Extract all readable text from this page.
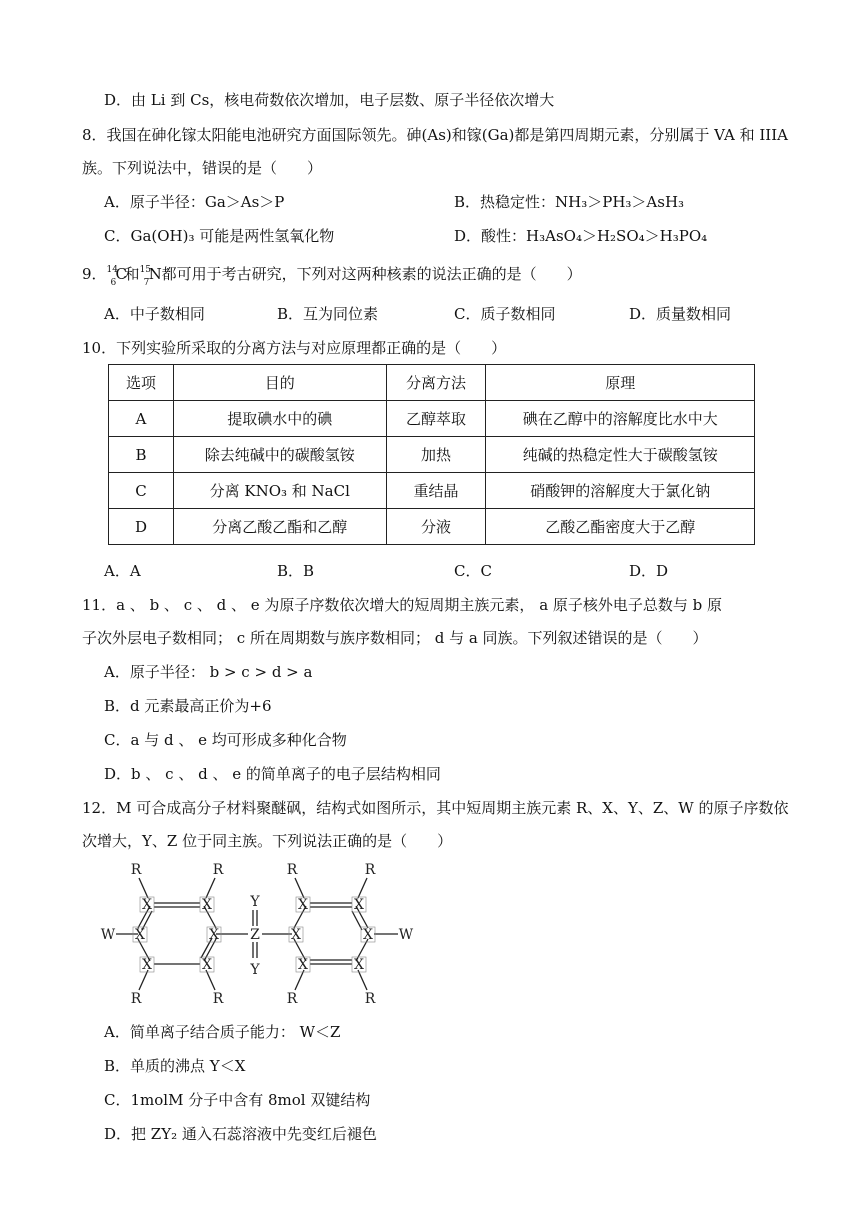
D．由 Li 到 Cs，核电荷数依次增加，电子层数、原子半径依次增大
8．我国在砷化镓太阳能电池研究方面国际领先。砷(As)和镓(Ga)都是第四周期元素，分别属于 VA 和 IIIA
族。下列说法中，错误的是（　　）
A．原子半径：Ga＞As＞P	B．热稳定性：NH₃＞PH₃＞AsH₃
C．Ga(OH)₃ 可能是两性氢氧化物	D．酸性：H₃AsO₄＞H₂SO₄＞H₃PO₄
9． 14
6 C
和 15
7 N 都可用于考古研究，下列对这两种核素的说法正确的是（　　）
A．中子数相同	B．互为同位素	C．质子数相同	D．质量数相同
10．下列实验所采取的分离方法与对应原理都正确的是（　　）
选项	目的	分离方法	原理
A	提取碘水中的碘	乙醇萃取	碘在乙醇中的溶解度比水中大
B	除去纯碱中的碳酸氢铵	加热	纯碱的热稳定性大于碳酸氢铵
C	分离 KNO₃ 和 NaCl	重结晶	硝酸钾的溶解度大于氯化钠
D	分离乙酸乙酯和乙醇	分液	乙酸乙酯密度大于乙醇
A．A	B．B	C．C	D．D
11．a 、 b 、 c 、 d 、 e 为原子序数依次增大的短周期主族元素， a 原子核外电子总数与 b 原
子次外层电子数相同； c 所在周期数与族序数相同； d 与 a 同族。下列叙述错误的是（　　）
A．原子半径： b > c > d > a
B．d 元素最高正价为+6
C．a 与 d 、 e 均可形成多种化合物
D．b 、 c 、 d 、 e 的简单离子的电子层结构相同
12．M 可合成高分子材料聚醚砜，结构式如图所示，其中短周期主族元素 R、X、Y、Z、W 的原子序数依
次增大，Y、Z 位于同主族。下列说法正确的是（　　）
X	X
X	X
X	X
X	X
X	X
X	X
R	R
R	R
R	R
R	R
W	W
Z
Y
Y
A．简单离子结合质子能力： W＜Z
B．单质的沸点 Y＜X
C．1molM 分子中含有 8mol 双键结构
D．把 ZY₂ 通入石蕊溶液中先变红后褪色
